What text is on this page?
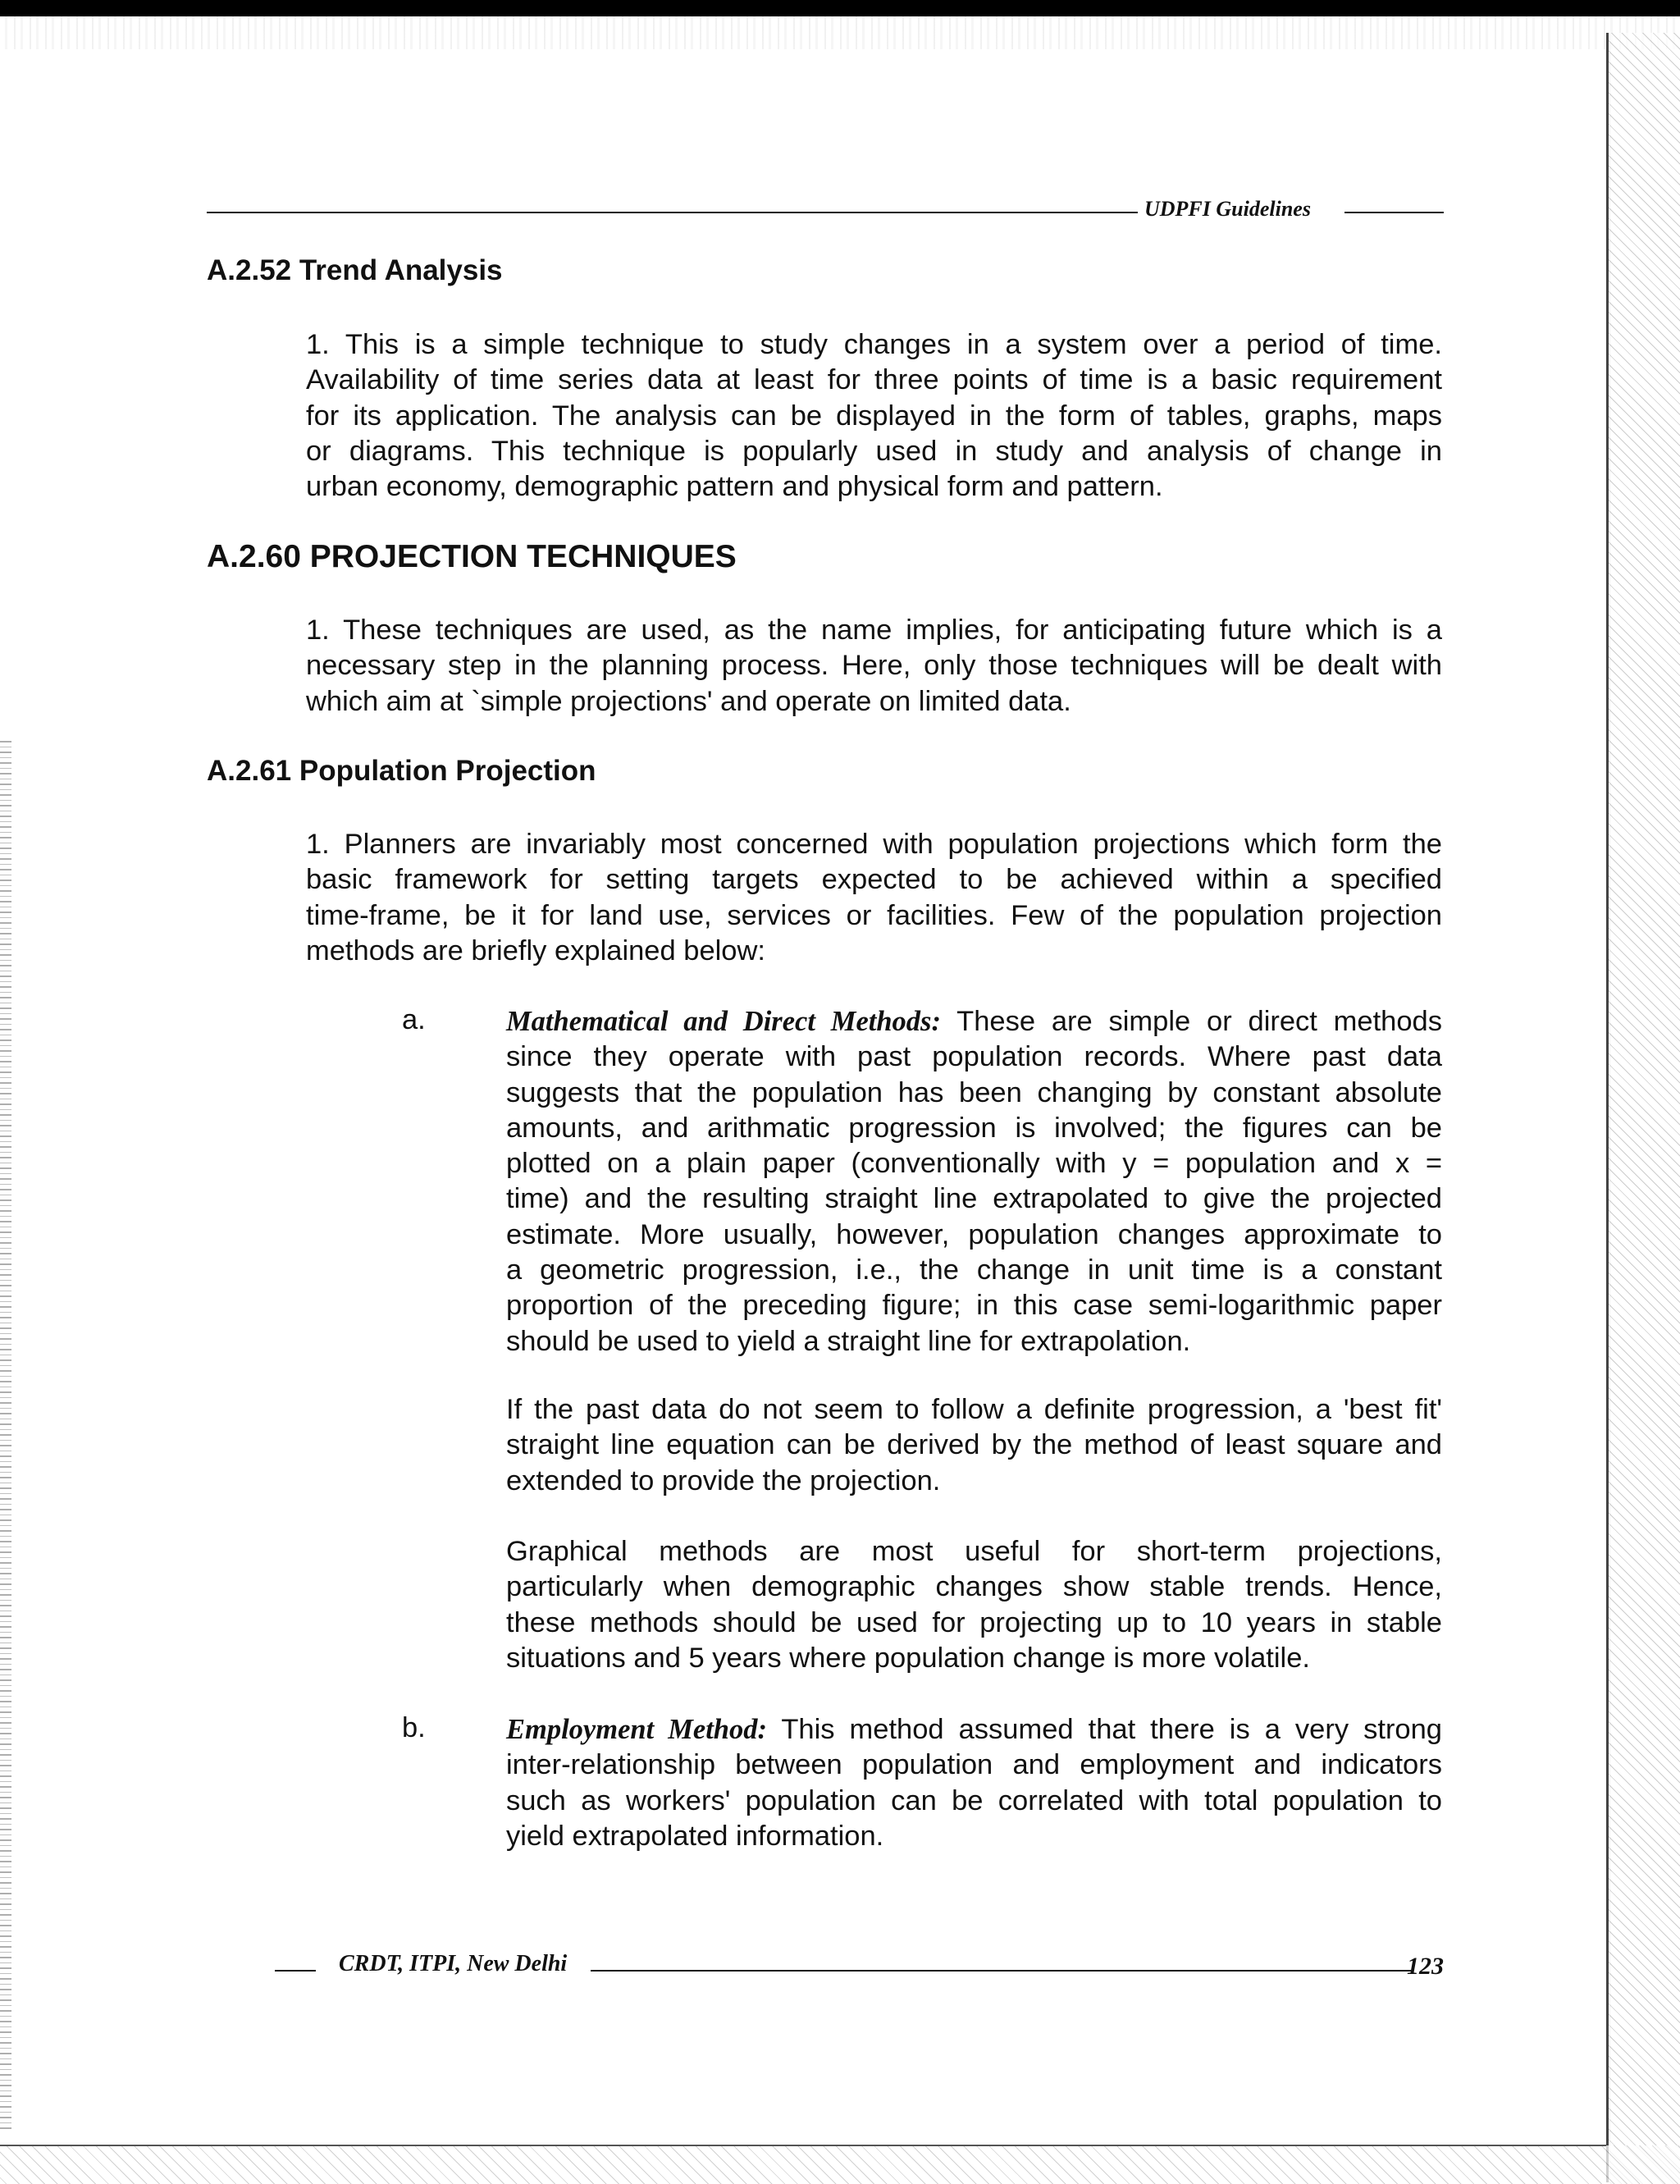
UDPFI Guidelines
A.2.52 Trend Analysis
1. This is a simple technique to study changes in a system over a period of time.
Availability of time series data at least for three points of time is a basic requirement
for its application. The analysis can be displayed in the form of tables, graphs, maps
or diagrams. This technique is popularly used in study and analysis of change in
urban economy, demographic pattern and physical form and pattern.
A.2.60 PROJECTION TECHNIQUES
1. These techniques are used, as the name implies, for anticipating future which is a
necessary step in the planning process. Here, only those techniques will be dealt with
which aim at `simple projections' and operate on limited data.
A.2.61 Population Projection
1. Planners are invariably most concerned with population projections which form the
basic framework for setting targets expected to be achieved within a specified
time-frame, be it for land use, services or facilities. Few of the population projection
methods are briefly explained below:
a.	Mathematical and Direct Methods: These are simple or direct methods
since they operate with past population records. Where past data
suggests that the population has been changing by constant absolute
amounts, and arithmatic progression is involved; the figures can be
plotted on a plain paper (conventionally with y = population and x =
time) and the resulting straight line extrapolated to give the projected
estimate. More usually, however, population changes approximate to
a geometric progression, i.e., the change in unit time is a constant
proportion of the preceding figure; in this case semi-logarithmic paper
should be used to yield a straight line for extrapolation.
If the past data do not seem to follow a definite progression, a 'best fit'
straight line equation can be derived by the method of least square and
extended to provide the projection.
Graphical methods are most useful for short-term projections,
particularly when demographic changes show stable trends. Hence,
these methods should be used for projecting up to 10 years in stable
situations and 5 years where population change is more volatile.
b.	Employment Method: This method assumed that there is a very strong
inter-relationship between population and employment and indicators
such as workers' population can be correlated with total population to
yield extrapolated information.
CRDT, ITPI, New Delhi	123
